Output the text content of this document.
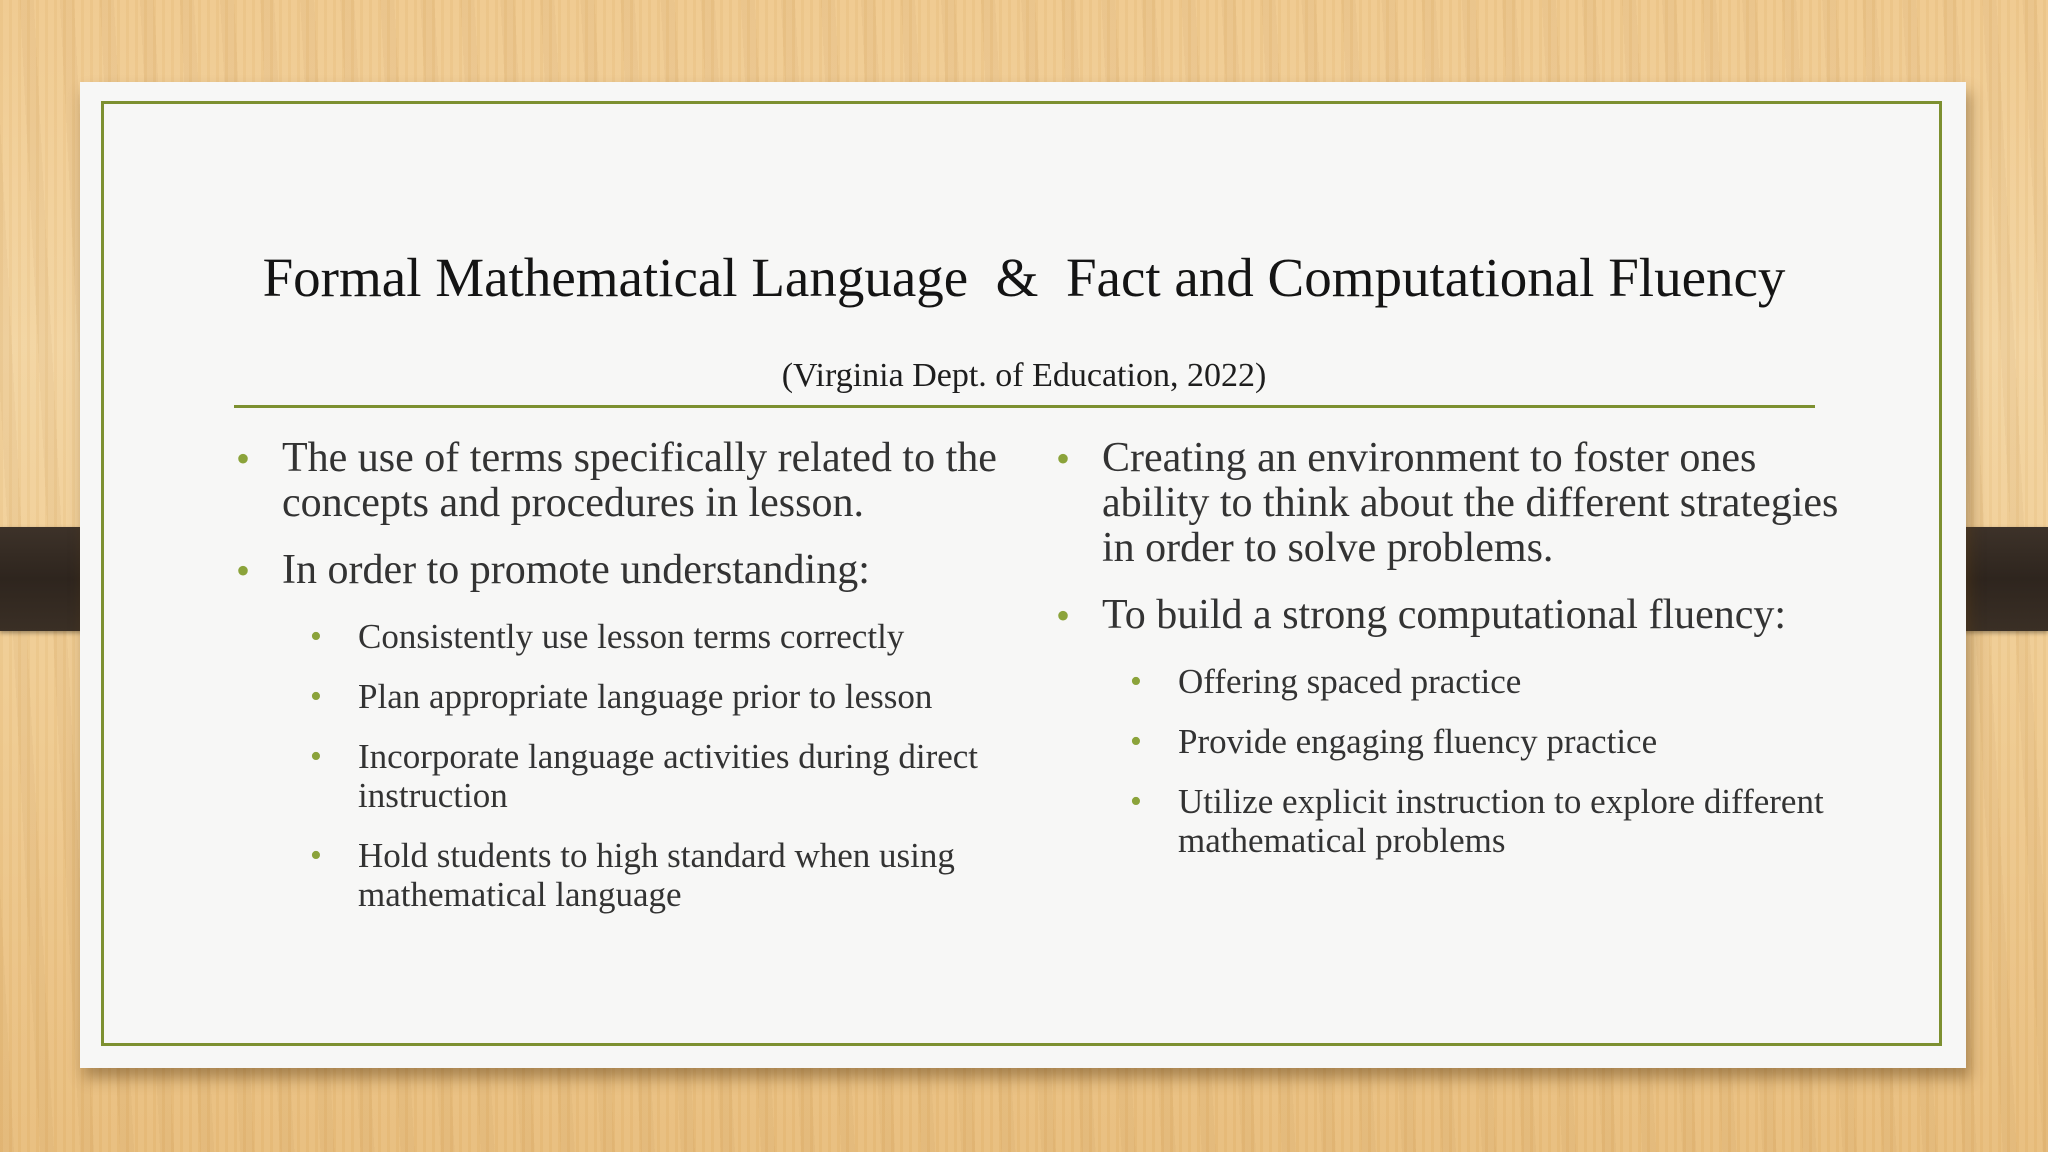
Formal Mathematical Language  &  Fact and Computational Fluency
(Virginia Dept. of Education, 2022)
• The use of terms specifically related to the concepts and procedures in lesson.
• In order to promote understanding:
• Consistently use lesson terms correctly
• Plan appropriate language prior to lesson
• Incorporate language activities during direct instruction
• Hold students to high standard when using mathematical language
• Creating an environment to foster ones ability to think about the different strategies in order to solve problems.
• To build a strong computational fluency:
• Offering spaced practice
• Provide engaging fluency practice
• Utilize explicit instruction to explore different mathematical problems
